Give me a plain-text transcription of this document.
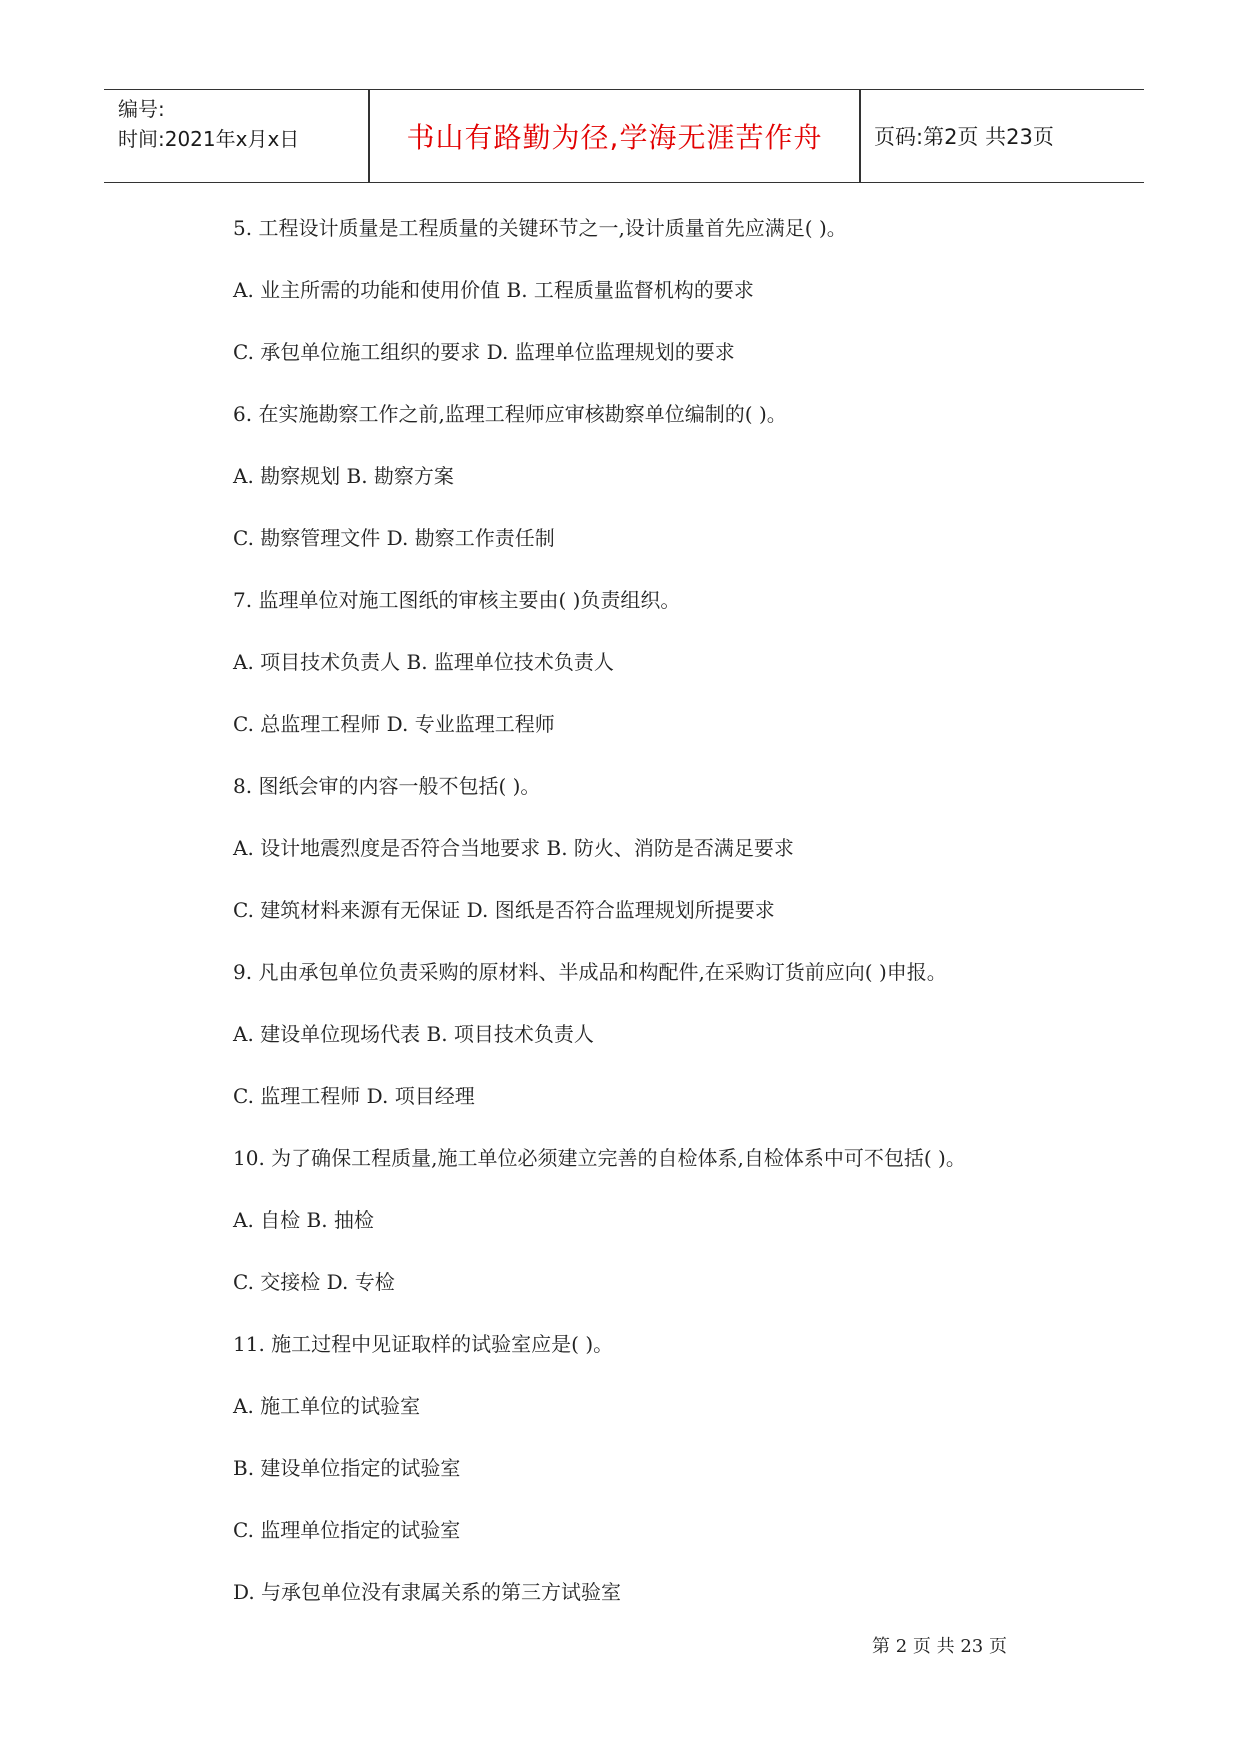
编号:
时间:2021年x月x日	书山有路勤为径,学海无涯苦作舟	页码:第2页 共23页
5. 工程设计质量是工程质量的关键环节之一,设计质量首先应满足( )。
A. 业主所需的功能和使用价值 B. 工程质量监督机构的要求
C. 承包单位施工组织的要求 D. 监理单位监理规划的要求
6. 在实施勘察工作之前,监理工程师应审核勘察单位编制的( )。
A. 勘察规划 B. 勘察方案
C. 勘察管理文件 D. 勘察工作责任制
7. 监理单位对施工图纸的审核主要由( )负责组织。
A. 项目技术负责人 B. 监理单位技术负责人
C. 总监理工程师 D. 专业监理工程师
8. 图纸会审的内容一般不包括( )。
A. 设计地震烈度是否符合当地要求 B. 防火、消防是否满足要求
C. 建筑材料来源有无保证 D. 图纸是否符合监理规划所提要求
9. 凡由承包单位负责采购的原材料、半成品和构配件,在采购订货前应向( )申报。
A. 建设单位现场代表 B. 项目技术负责人
C. 监理工程师 D. 项目经理
10. 为了确保工程质量,施工单位必须建立完善的自检体系,自检体系中可不包括( )。
A. 自检 B. 抽检
C. 交接检 D. 专检
11. 施工过程中见证取样的试验室应是( )。
A. 施工单位的试验室
B. 建设单位指定的试验室
C. 监理单位指定的试验室
D. 与承包单位没有隶属关系的第三方试验室
第 2 页 共 23 页
